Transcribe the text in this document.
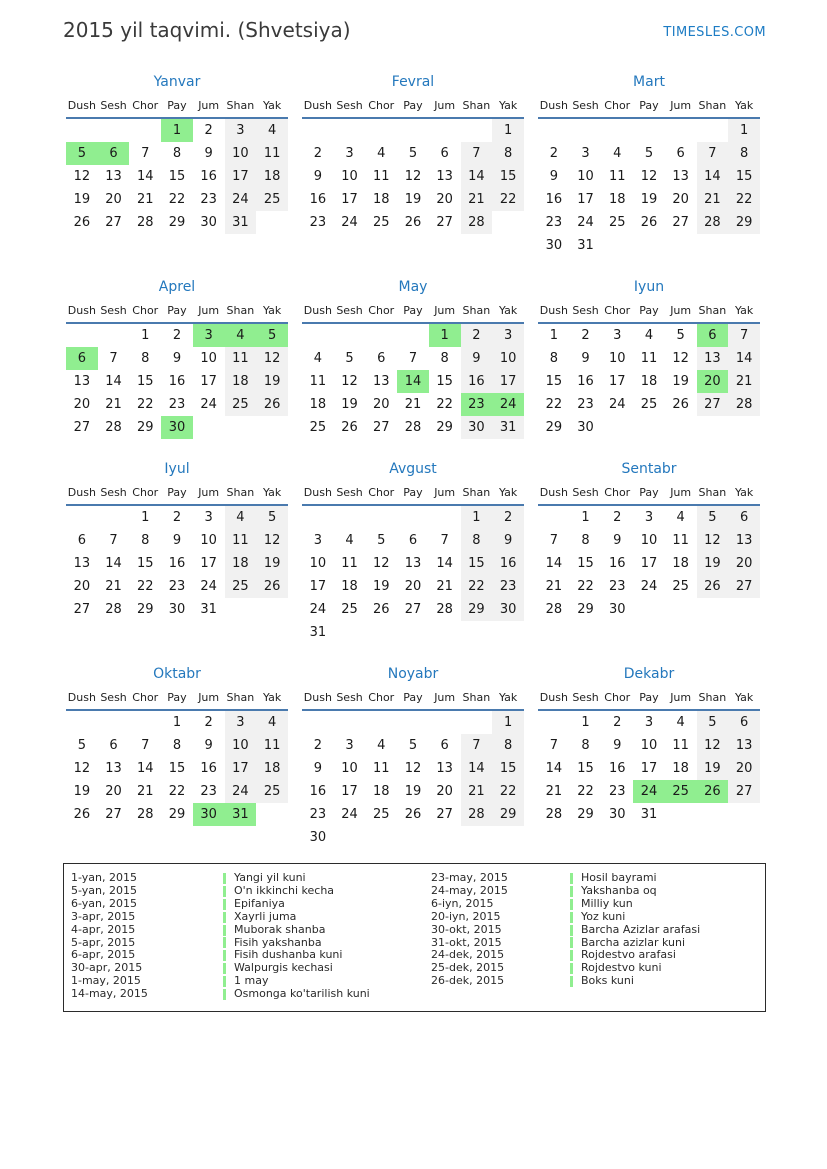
2015 yil taqvimi. (Shvetsiya)	TIMESLES.COM
Yanvar
Dush	Sesh	Chor	Pay	Jum	Shan	Yak
			1	2	3	4
5	6	7	8	9	10	11
12	13	14	15	16	17	18
19	20	21	22	23	24	25
26	27	28	29	30	31	
Fevral
Dush	Sesh	Chor	Pay	Jum	Shan	Yak
						1
2	3	4	5	6	7	8
9	10	11	12	13	14	15
16	17	18	19	20	21	22
23	24	25	26	27	28	
Mart
Dush	Sesh	Chor	Pay	Jum	Shan	Yak
						1
2	3	4	5	6	7	8
9	10	11	12	13	14	15
16	17	18	19	20	21	22
23	24	25	26	27	28	29
30	31					
Aprel
Dush	Sesh	Chor	Pay	Jum	Shan	Yak
		1	2	3	4	5
6	7	8	9	10	11	12
13	14	15	16	17	18	19
20	21	22	23	24	25	26
27	28	29	30			
May
Dush	Sesh	Chor	Pay	Jum	Shan	Yak
				1	2	3
4	5	6	7	8	9	10
11	12	13	14	15	16	17
18	19	20	21	22	23	24
25	26	27	28	29	30	31
Iyun
Dush	Sesh	Chor	Pay	Jum	Shan	Yak
1	2	3	4	5	6	7
8	9	10	11	12	13	14
15	16	17	18	19	20	21
22	23	24	25	26	27	28
29	30					
Iyul
Dush	Sesh	Chor	Pay	Jum	Shan	Yak
		1	2	3	4	5
6	7	8	9	10	11	12
13	14	15	16	17	18	19
20	21	22	23	24	25	26
27	28	29	30	31		
Avgust
Dush	Sesh	Chor	Pay	Jum	Shan	Yak
					1	2
3	4	5	6	7	8	9
10	11	12	13	14	15	16
17	18	19	20	21	22	23
24	25	26	27	28	29	30
31						
Sentabr
Dush	Sesh	Chor	Pay	Jum	Shan	Yak
	1	2	3	4	5	6
7	8	9	10	11	12	13
14	15	16	17	18	19	20
21	22	23	24	25	26	27
28	29	30				
Oktabr
Dush	Sesh	Chor	Pay	Jum	Shan	Yak
			1	2	3	4
5	6	7	8	9	10	11
12	13	14	15	16	17	18
19	20	21	22	23	24	25
26	27	28	29	30	31	
Noyabr
Dush	Sesh	Chor	Pay	Jum	Shan	Yak
						1
2	3	4	5	6	7	8
9	10	11	12	13	14	15
16	17	18	19	20	21	22
23	24	25	26	27	28	29
30						
Dekabr
Dush	Sesh	Chor	Pay	Jum	Shan	Yak
	1	2	3	4	5	6
7	8	9	10	11	12	13
14	15	16	17	18	19	20
21	22	23	24	25	26	27
28	29	30	31			
1-yan, 2015	Yangi yil kuni
5-yan, 2015	O'n ikkinchi kecha
6-yan, 2015	Epifaniya
3-apr, 2015	Xayrli juma
4-apr, 2015	Muborak shanba
5-apr, 2015	Fisih yakshanba
6-apr, 2015	Fisih dushanba kuni
30-apr, 2015	Walpurgis kechasi
1-may, 2015	1 may
14-may, 2015	Osmonga ko'tarilish kuni
23-may, 2015	Hosil bayrami
24-may, 2015	Yakshanba oq
6-iyn, 2015	Milliy kun
20-iyn, 2015	Yoz kuni
30-okt, 2015	Barcha Azizlar arafasi
31-okt, 2015	Barcha azizlar kuni
24-dek, 2015	Rojdestvo arafasi
25-dek, 2015	Rojdestvo kuni
26-dek, 2015	Boks kuni
